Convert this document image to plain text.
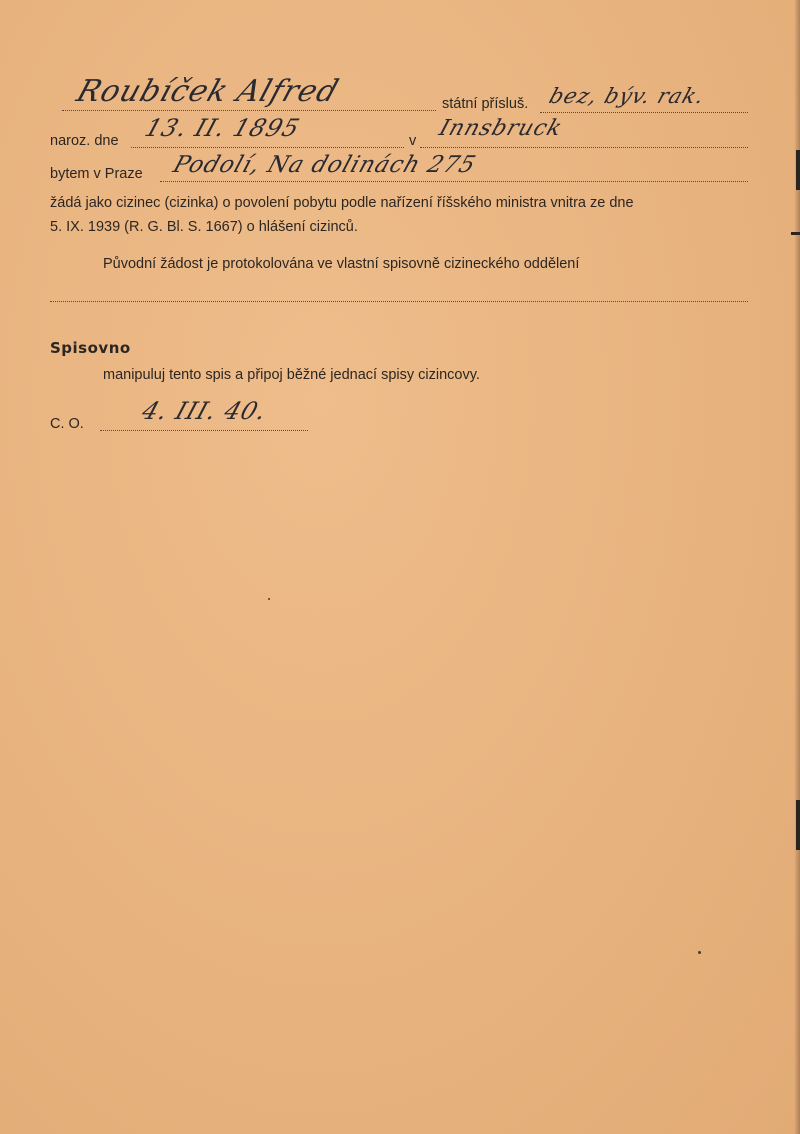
Roubíček Alfred	státní přísluš. bez, býv. rak.
naroz. dne 13. II. 1895	v Innsbruck
bytem v Praze Podolí, Na dolinách 275
žádá jako cizinec (cizinka) o povolení pobytu podle nařízení říšského ministra vnitra ze dne
5. IX. 1939 (R. G. Bl. S. 1667) o hlášení cizinců.
Původní žádost je protokolována ve vlastní spisovně cizineckého oddělení
Spisovno
manipuluj tento spis a připoj běžné jednací spisy cizincovy.
C. O. 4. III. 40.
